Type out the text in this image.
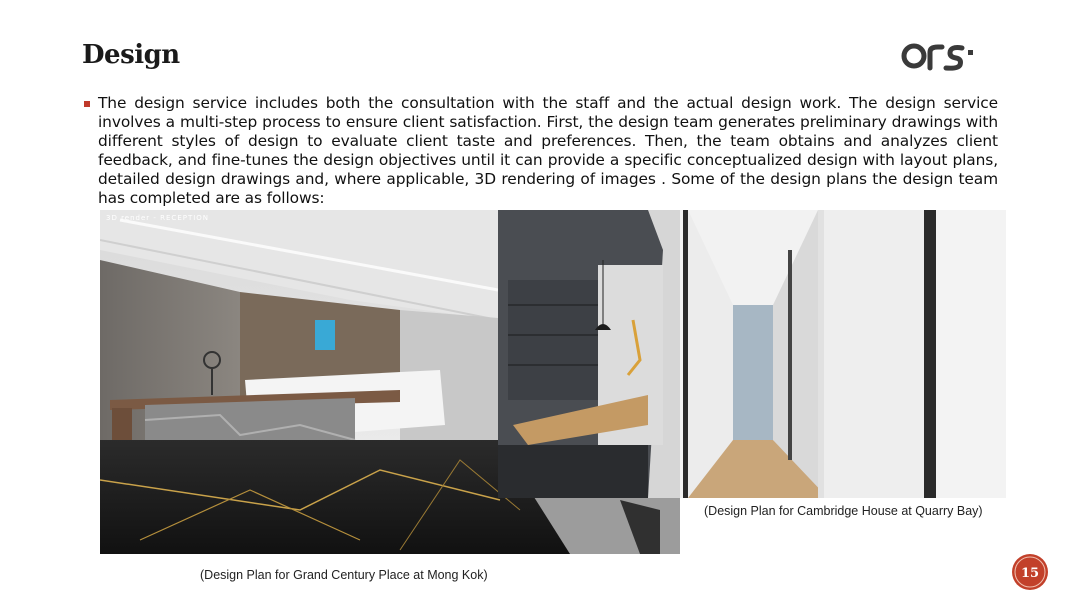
Design
The design service includes both the consultation with the staff and the actual design work. The design service involves a multi-step process to ensure client satisfaction. First, the design team generates preliminary drawings with different styles of design to evaluate client taste and preferences. Then, the team obtains and analyzes client feedback, and fine-tunes the design objectives until it can provide a specific conceptualized design with layout plans, detailed design drawings and, where applicable, 3D rendering of images . Some of the design plans the design team has completed are as follows:
3D render - RECEPTION
(Design Plan for Cambridge House at Quarry Bay)
(Design Plan for Grand Century Place at Mong Kok)	15
